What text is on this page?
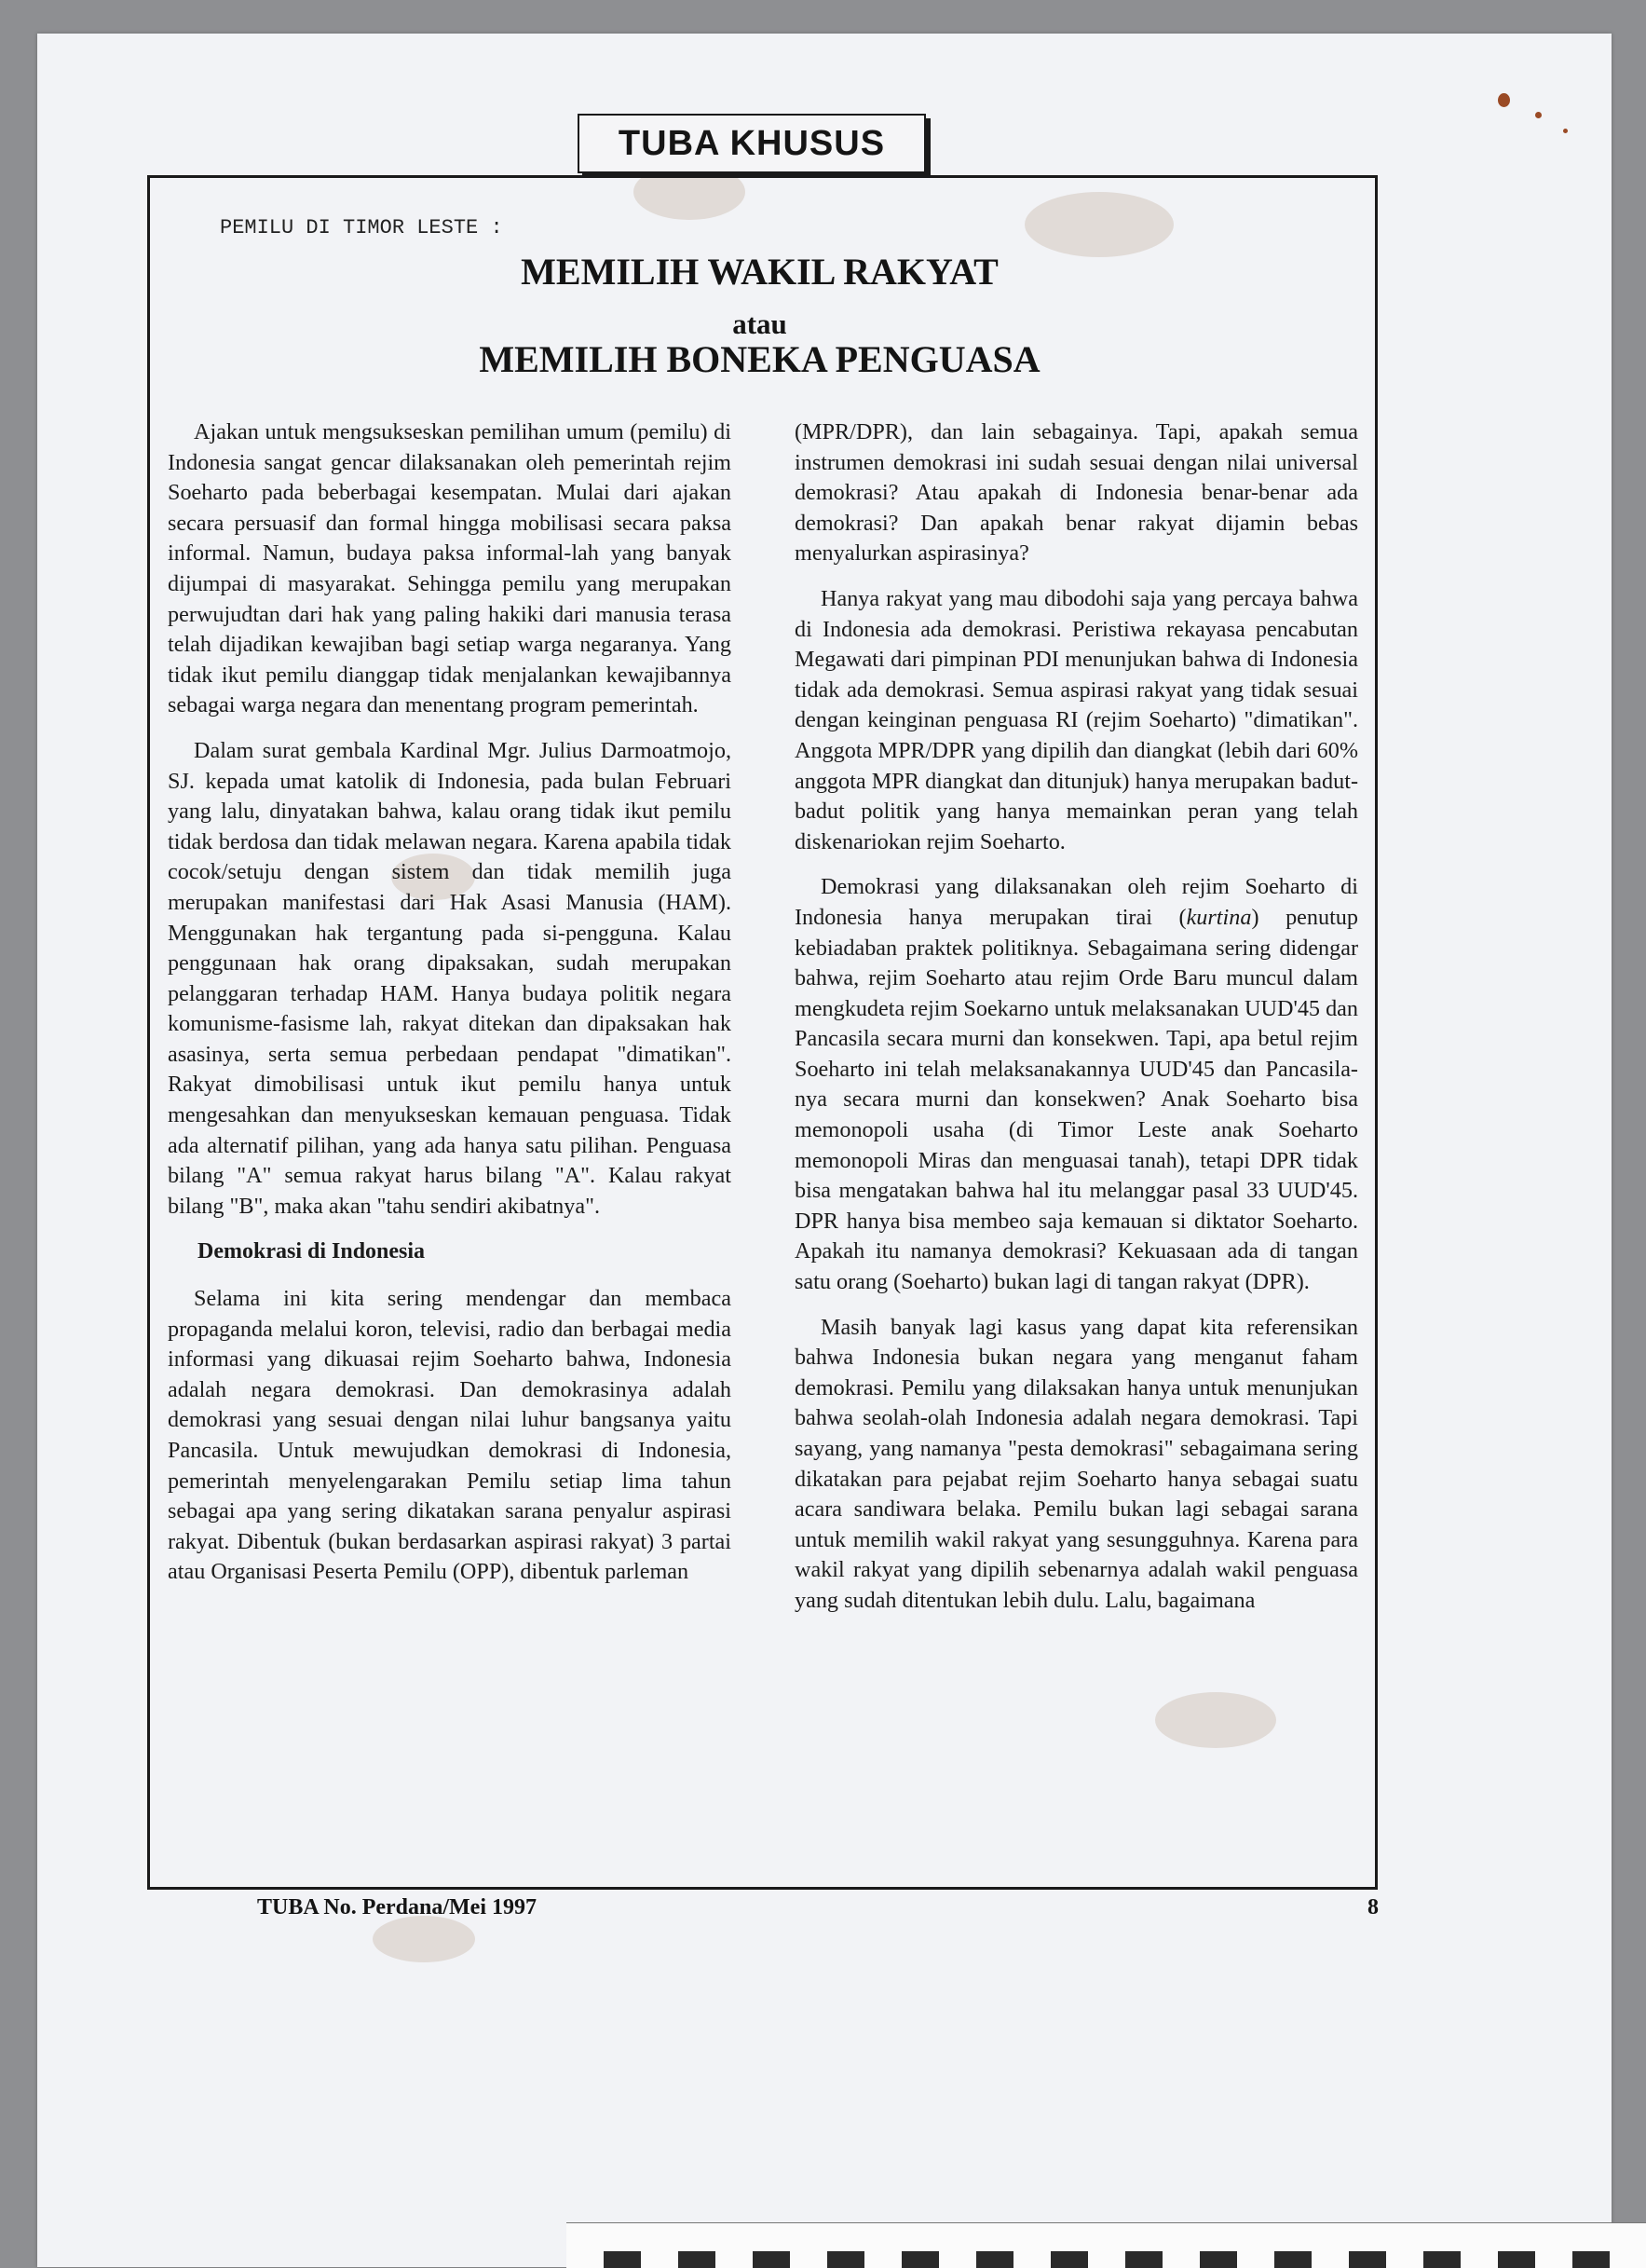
TUBA KHUSUS
PEMILU DI TIMOR LESTE :
MEMILIH WAKIL RAKYAT
atau
MEMILIH BONEKA PENGUASA

Ajakan untuk mengsukseskan pemilihan umum (pemilu) di Indonesia sangat gencar dilaksanakan oleh pemerintah rejim Soeharto pada beberbagai kesempatan. Mulai dari ajakan secara persuasif dan formal hingga mobilisasi secara paksa informal. Namun, budaya paksa informal-lah yang banyak dijumpai di masyarakat. Sehingga pemilu yang merupakan perwujudtan dari hak yang paling hakiki dari manusia terasa telah dijadikan kewajiban bagi setiap warga negaranya. Yang tidak ikut pemilu dianggap tidak menjalankan kewajibannya sebagai warga negara dan menentang program pemerintah.

Dalam surat gembala Kardinal Mgr. Julius Darmoatmojo, SJ. kepada umat katolik di Indonesia, pada bulan Februari yang lalu, dinyatakan bahwa, kalau orang tidak ikut pemilu tidak berdosa dan tidak melawan negara. Karena apabila tidak cocok/setuju dengan sistem dan tidak memilih juga merupakan manifestasi dari Hak Asasi Manusia (HAM). Menggunakan hak tergantung pada si-pengguna. Kalau penggunaan hak orang dipaksakan, sudah merupakan pelanggaran terhadap HAM. Hanya budaya politik negara komunisme-fasisme lah, rakyat ditekan dan dipaksakan hak asasinya, serta semua perbedaan pendapat "dimatikan". Rakyat dimobilisasi untuk ikut pemilu hanya untuk mengesahkan dan menyukseskan kemauan penguasa. Tidak ada alternatif pilihan, yang ada hanya satu pilihan. Penguasa bilang "A" semua rakyat harus bilang "A". Kalau rakyat bilang "B", maka akan "tahu sendiri akibatnya".

Demokrasi di Indonesia

Selama ini kita sering mendengar dan membaca propaganda melalui koron, televisi, radio dan berbagai media informasi yang dikuasai rejim Soeharto bahwa, Indonesia adalah negara demokrasi. Dan demokrasinya adalah demokrasi yang sesuai dengan nilai luhur bangsanya yaitu Pancasila. Untuk mewujudkan demokrasi di Indonesia, pemerintah menyelengarakan Pemilu setiap lima tahun sebagai apa yang sering dikatakan sarana penyalur aspirasi rakyat. Dibentuk (bukan berdasarkan aspirasi rakyat) 3 partai atau Organisasi Peserta Pemilu (OPP), dibentuk parleman

(MPR/DPR), dan lain sebagainya. Tapi, apakah semua instrumen demokrasi ini sudah sesuai dengan nilai universal demokrasi? Atau apakah di Indonesia benar-benar ada demokrasi? Dan apakah benar rakyat dijamin bebas menyalurkan aspirasinya?

Hanya rakyat yang mau dibodohi saja yang percaya bahwa di Indonesia ada demokrasi. Peristiwa rekayasa pencabutan Megawati dari pimpinan PDI menunjukan bahwa di Indonesia tidak ada demokrasi. Semua aspirasi rakyat yang tidak sesuai dengan keinginan penguasa RI (rejim Soeharto) "dimatikan". Anggota MPR/DPR yang dipilih dan diangkat (lebih dari 60% anggota MPR diangkat dan ditunjuk) hanya merupakan badut-badut politik yang hanya memainkan peran yang telah diskenariokan rejim Soeharto.

Demokrasi yang dilaksanakan oleh rejim Soeharto di Indonesia hanya merupakan tirai (kurtina) penutup kebiadaban praktek politiknya. Sebagaimana sering didengar bahwa, rejim Soeharto atau rejim Orde Baru muncul dalam mengkudeta rejim Soekarno untuk melaksanakan UUD'45 dan Pancasila secara murni dan konsekwen. Tapi, apa betul rejim Soeharto ini telah melaksanakannya UUD'45 dan Pancasila-nya secara murni dan konsekwen? Anak Soeharto bisa memonopoli usaha (di Timor Leste anak Soeharto memonopoli Miras dan menguasai tanah), tetapi DPR tidak bisa mengatakan bahwa hal itu melanggar pasal 33 UUD'45. DPR hanya bisa membeo saja kemauan si diktator Soeharto. Apakah itu namanya demokrasi? Kekuasaan ada di tangan satu orang (Soeharto) bukan lagi di tangan rakyat (DPR).

Masih banyak lagi kasus yang dapat kita referensikan bahwa Indonesia bukan negara yang menganut faham demokrasi. Pemilu yang dilaksakan hanya untuk menunjukan bahwa seolah-olah Indonesia adalah negara demokrasi. Tapi sayang, yang namanya "pesta demokrasi" sebagaimana sering dikatakan para pejabat rejim Soeharto hanya sebagai suatu acara sandiwara belaka. Pemilu bukan lagi sebagai sarana untuk memilih wakil rakyat yang sesungguhnya. Karena para wakil rakyat yang dipilih sebenarnya adalah wakil penguasa yang sudah ditentukan lebih dulu. Lalu, bagaimana

TUBA No. Perdana/Mei 1997	8
